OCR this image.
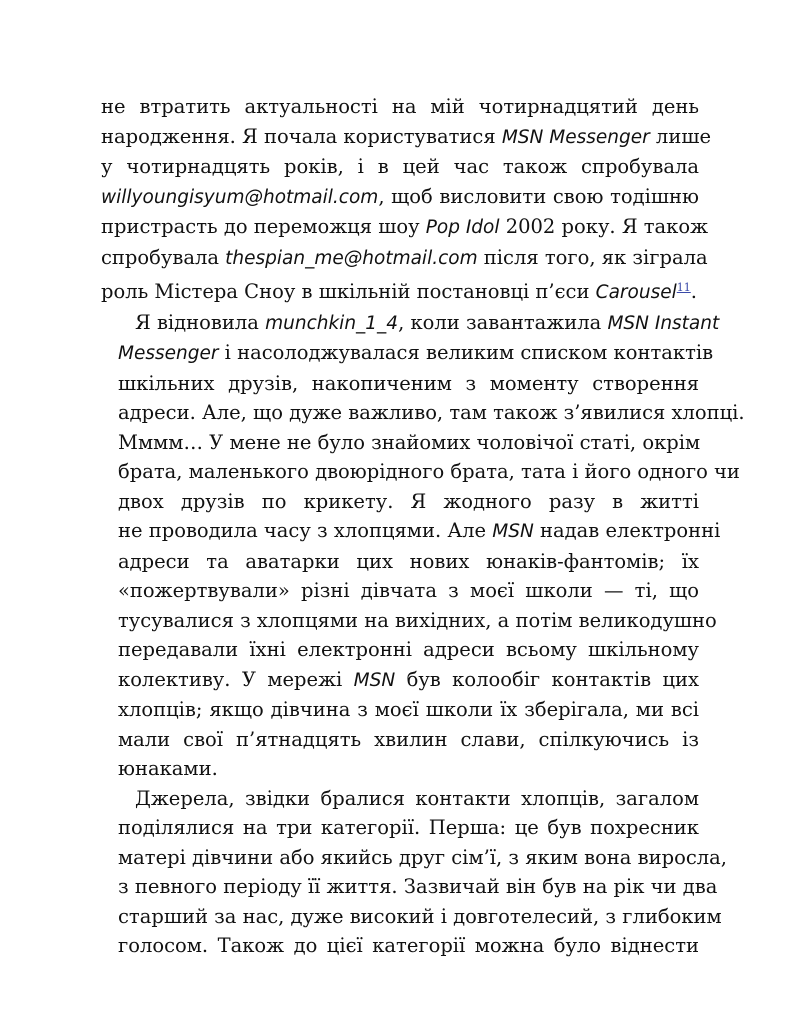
не втратить актуальності на мій чотирнадцятий день
народження. Я почала користуватися MSN Messenger лише
у чотирнадцять років, і в цей час також спробувала
willyoungisyum@hotmail.com, щоб висловити свою тодішню
пристрасть до переможця шоу Pop Idol 2002 року. Я також
спробувала thespian_me@hotmail.com після того, як зіграла
роль Містера Сноу в шкільній постановці п’єси Carousel$^{11}$.

Я відновила munchkin_1_4, коли завантажила MSN Instant
Messenger і насолоджувалася великим списком контактів
шкільних друзів, накопиченим з моменту створення
адреси. Але, що дуже важливо, там також з’явилися хлопці.
Мммм… У мене не було знайомих чоловічої статі, окрім
брата, маленького двоюрідного брата, тата і його одного чи
двох друзів по крикету. Я жодного разу в житті
не проводила часу з хлопцями. Але MSN надав електронні
адреси та аватарки цих нових юнаків-фантомів; їх
«пожертвували» різні дівчата з моєї школи — ті, що
тусувалися з хлопцями на вихідних, а потім великодушно
передавали їхні електронні адреси всьому шкільному
колективу. У мережі MSN був колообіг контактів цих
хлопців; якщо дівчина з моєї школи їх зберігала, ми всі
мали свої п’ятнадцять хвилин слави, спілкуючись із
юнаками.

Джерела, звідки бралися контакти хлопців, загалом
поділялися на три категорії. Перша: це був похресник
матері дівчини або якийсь друг сім’ї, з яким вона виросла,
з певного періоду її життя. Зазвичай він був на рік чи два
старший за нас, дуже високий і довготелесий, з глибоким
голосом. Також до цієї категорії можна було віднести
